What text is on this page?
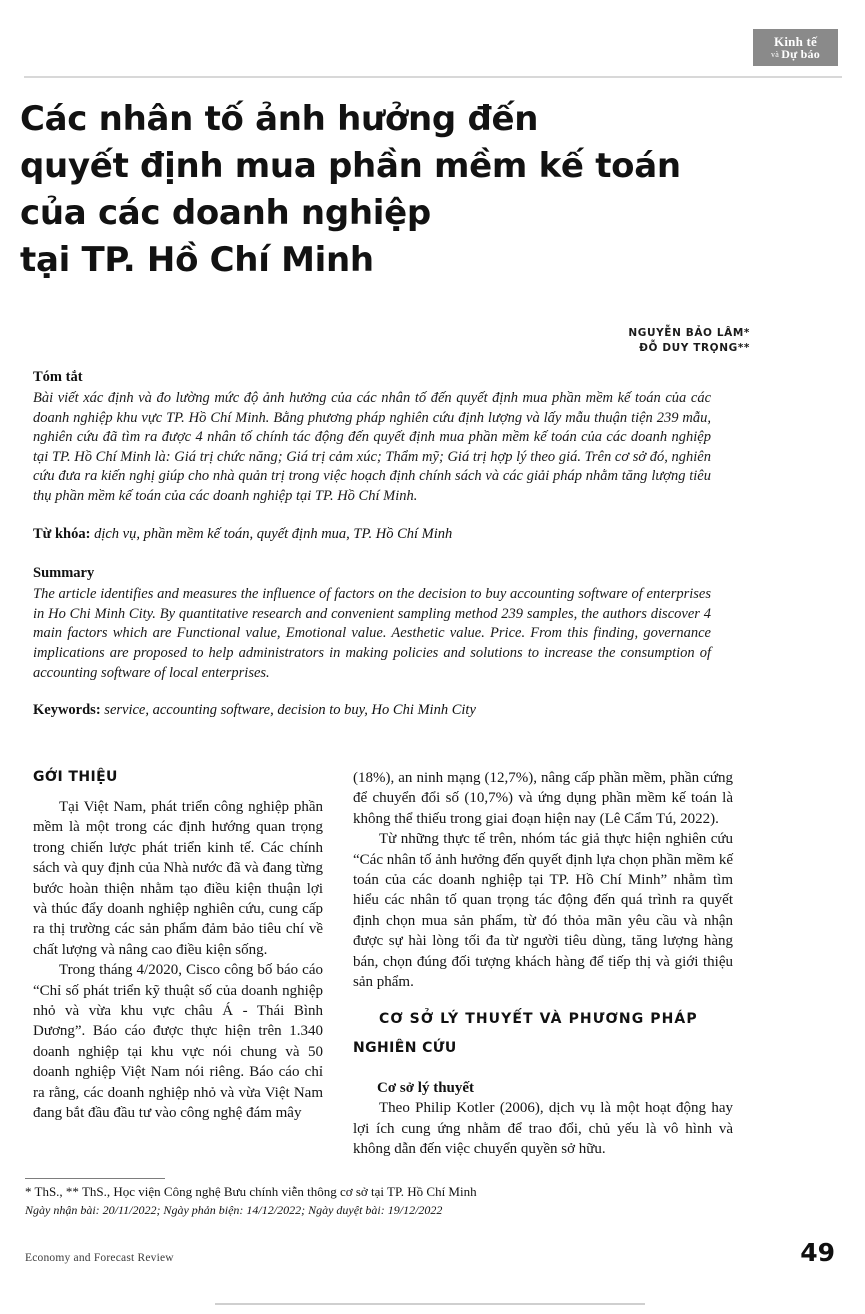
Kinh tế
và Dự báo
Các nhân tố ảnh hưởng đến
quyết định mua phần mềm kế toán
của các doanh nghiệp
tại TP. Hồ Chí Minh
NGUYỄN BẢO LÂM*
ĐỖ DUY TRỌNG**

Tóm tắt

Bài viết xác định và đo lường mức độ ảnh hưởng của các nhân tố đến quyết định mua phần mềm kế toán của các doanh nghiệp khu vực TP. Hồ Chí Minh. Bằng phương pháp nghiên cứu định lượng và lấy mẫu thuận tiện 239 mẫu, nghiên cứu đã tìm ra được 4 nhân tố chính tác động đến quyết định mua phần mềm kế toán của các doanh nghiệp tại TP. Hồ Chí Minh là: Giá trị chức năng; Giá trị cảm xúc; Thẩm mỹ; Giá trị hợp lý theo giá. Trên cơ sở đó, nghiên cứu đưa ra kiến nghị giúp cho nhà quản trị trong việc hoạch định chính sách và các giải pháp nhằm tăng lượng tiêu thụ phần mềm kế toán của các doanh nghiệp tại TP. Hồ Chí Minh.

Từ khóa: dịch vụ, phần mềm kế toán, quyết định mua, TP. Hồ Chí Minh

Summary

The article identifies and measures the influence of factors on the decision to buy accounting software of enterprises in Ho Chi Minh City. By quantitative research and convenient sampling method 239 samples, the authors discover 4 main factors which are Functional value, Emotional value. Aesthetic value. Price. From this finding, governance implications are proposed to help administrators in making policies and solutions to increase the consumption of accounting software of local enterprises.

Keywords: service, accounting software, decision to buy, Ho Chi Minh City

GỚI THIỆU

Tại Việt Nam, phát triển công nghiệp phần mềm là một trong các định hướng quan trọng trong chiến lược phát triển kinh tế. Các chính sách và quy định của Nhà nước đã và đang từng bước hoàn thiện nhằm tạo điều kiện thuận lợi và thúc đẩy doanh nghiệp nghiên cứu, cung cấp ra thị trường các sản phẩm đảm bảo tiêu chí về chất lượng và nâng cao điều kiện sống.

Trong tháng 4/2020, Cisco công bố báo cáo “Chỉ số phát triển kỹ thuật số của doanh nghiệp nhỏ và vừa khu vực châu Á - Thái Bình Dương”. Báo cáo được thực hiện trên 1.340 doanh nghiệp tại khu vực nói chung và 50 doanh nghiệp Việt Nam nói riêng. Báo cáo chỉ ra rằng, các doanh nghiệp nhỏ và vừa Việt Nam đang bắt đầu đầu tư vào công nghệ đám mây

(18%), an ninh mạng (12,7%), nâng cấp phần mềm, phần cứng để chuyển đổi số (10,7%) và ứng dụng phần mềm kế toán là không thể thiếu trong giai đoạn hiện nay (Lê Cẩm Tú, 2022).

Từ những thực tế trên, nhóm tác giả thực hiện nghiên cứu “Các nhân tố ảnh hưởng đến quyết định lựa chọn phần mềm kế toán của các doanh nghiệp tại TP. Hồ Chí Minh” nhằm tìm hiểu các nhân tố quan trọng tác động đến quá trình ra quyết định chọn mua sản phẩm, từ đó thỏa mãn yêu cầu và nhận được sự hài lòng tối đa từ người tiêu dùng, tăng lượng hàng bán, chọn đúng đối tượng khách hàng để tiếp thị và giới thiệu sản phẩm.

CƠ SỞ LÝ THUYẾT VÀ PHƯƠNG PHÁP

NGHIÊN CỨU

Cơ sở lý thuyết

Theo Philip Kotler (2006), dịch vụ là một hoạt động hay lợi ích cung ứng nhằm để trao đổi, chủ yếu là vô hình và không dẫn đến việc chuyển quyền sở hữu.

* ThS., ** ThS., Học viện Công nghệ Bưu chính viễn thông cơ sở tại TP. Hồ Chí Minh

Ngày nhận bài: 20/11/2022; Ngày phản biện: 14/12/2022; Ngày duyệt bài: 19/12/2022

Economy and Forecast Review	49
